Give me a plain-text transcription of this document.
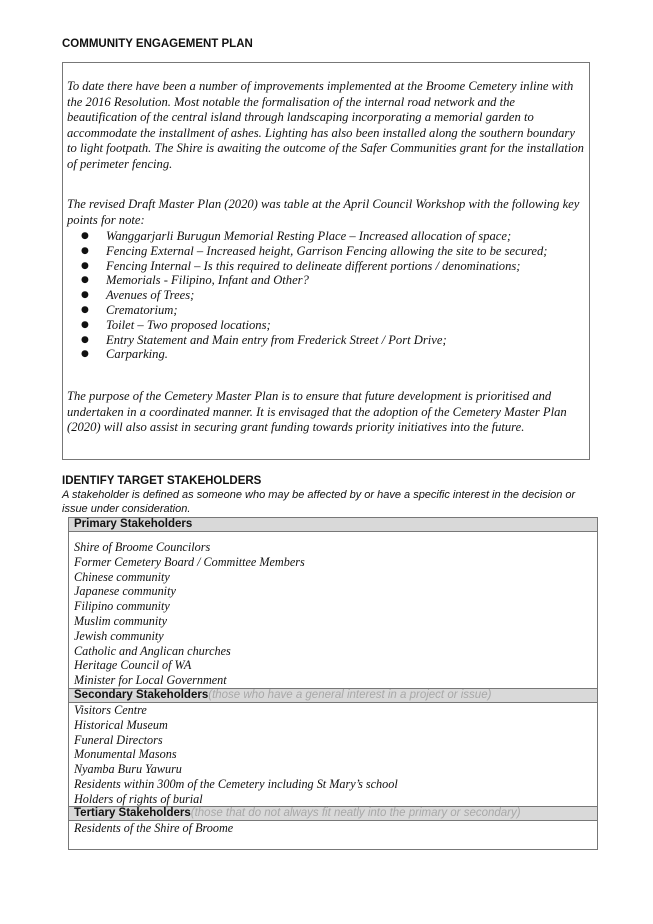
COMMUNITY ENGAGEMENT PLAN

To date there have been a number of improvements implemented at the Broome Cemetery inline with the 2016 Resolution. Most notable the formalisation of the internal road network and the beautification of the central island through landscaping incorporating a memorial garden to accommodate the installment of ashes. Lighting has also been installed along the southern boundary to light footpath. The Shire is awaiting the outcome of the Safer Communities grant for the installation of perimeter fencing.

The revised Draft Master Plan (2020) was table at the April Council Workshop with the following key points for note:

● Wanggarjarli Burugun Memorial Resting Place – Increased allocation of space;
● Fencing External – Increased height, Garrison Fencing allowing the site to be secured;
● Fencing Internal – Is this required to delineate different portions / denominations;
● Memorials - Filipino, Infant and Other?
● Avenues of Trees;
● Crematorium;
● Toilet – Two proposed locations;
● Entry Statement and Main entry from Frederick Street / Port Drive;
● Carparking.

The purpose of the Cemetery Master Plan is to ensure that future development is prioritised and undertaken in a coordinated manner. It is envisaged that the adoption of the Cemetery Master Plan (2020) will also assist in securing grant funding towards priority initiatives into the future.

IDENTIFY TARGET STAKEHOLDERS
A stakeholder is defined as someone who may be affected by or have a specific interest in the decision or issue under consideration.
Primary Stakeholders
Shire of Broome Councilors
Former Cemetery Board / Committee Members
Chinese community
Japanese community
Filipino community
Muslim community
Jewish community
Catholic and Anglican churches
Heritage Council of WA
Minister for Local Government
Secondary Stakeholders(those who have a general interest in a project or issue)
Visitors Centre
Historical Museum
Funeral Directors
Monumental Masons
Nyamba Buru Yawuru
Residents within 300m of the Cemetery including St Mary’s school
Holders of rights of burial
Tertiary Stakeholders(those that do not always fit neatly into the primary or secondary)
Residents of the Shire of Broome
